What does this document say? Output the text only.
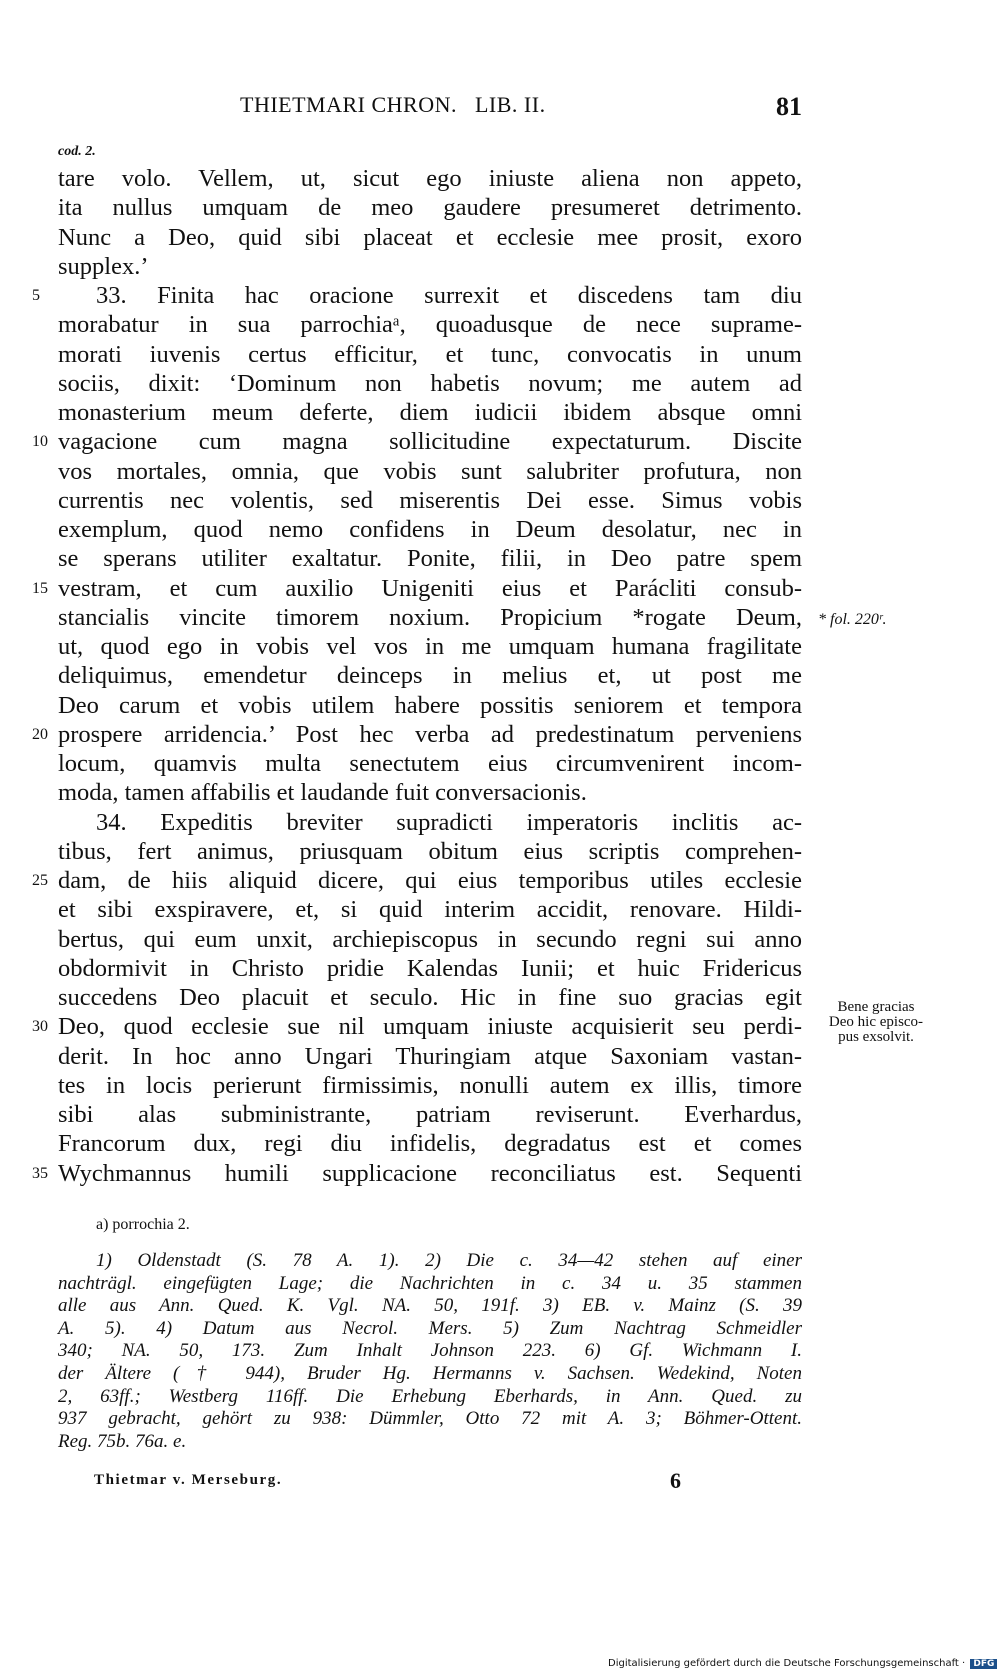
THIETMARI CHRON.   LIB. II.	81
cod. 2.
tare volo. Vellem, ut, sicut ego iniuste aliena non appeto,
ita nullus umquam de meo gaudere presumeret detrimento.
Nunc a Deo, quid sibi placeat et ecclesie mee prosit, exoro
supplex.’
5	33. Finita hac oracione surrexit et discedens tam diu
morabatur in sua parrochiaᵃ, quoadusque de nece suprame-
morati iuvenis certus efficitur, et tunc, convocatis in unum
sociis, dixit: ‘Dominum non habetis novum; me autem ad
monasterium meum deferte, diem iudicii ibidem absque omni
10 vagacione cum magna sollicitudine expectaturum. Discite
vos mortales, omnia, que vobis sunt salubriter profutura, non
currentis nec volentis, sed miserentis Dei esse. Simus vobis
exemplum, quod nemo confidens in Deum desolatur, nec in
se sperans utiliter exaltatur. Ponite, filii, in Deo patre spem
15 vestram, et cum auxilio Unigeniti eius et Parácliti consub-
stancialis vincite timorem noxium. Propicium *rogate Deum,
ut, quod ego in vobis vel vos in me umquam humana fragilitate
deliquimus, emendetur deinceps in melius et, ut post me
Deo carum et vobis utilem habere possitis seniorem et tempora
20 prospere arridencia.’ Post hec verba ad predestinatum perveniens
locum, quamvis multa senectutem eius circumvenirent incom-
moda, tamen affabilis et laudande fuit conversacionis.
34. Expeditis breviter supradicti imperatoris inclitis ac-
tibus, fert animus, priusquam obitum eius scriptis comprehen-
25 dam, de hiis aliquid dicere, qui eius temporibus utiles ecclesie
et sibi exspiravere, et, si quid interim accidit, renovare. Hildi-
bertus, qui eum unxit, archiepiscopus in secundo regni sui anno
obdormivit in Christo pridie Kalendas Iunii; et huic Fridericus
succedens Deo placuit et seculo. Hic in fine suo gracias egit
30 Deo, quod ecclesie sue nil umquam iniuste acquisierit seu perdi-
derit. In hoc anno Ungari Thuringiam atque Saxoniam vastan-
tes in locis perierunt firmissimis, nonulli autem ex illis, timore
sibi alas subministrante, patriam reviserunt. Everhardus,
Francorum dux, regi diu infidelis, degradatus est et comes
35 Wychmannus humili supplicacione reconciliatus est. Sequenti
* fol. 220ʳ.
Bene gracias
Deo hic episco-
pus exsolvit.
a) porrochia 2.
1) Oldenstadt (S. 78 A. 1). 2) Die c. 34—42 stehen auf einer
nachträgl. eingefügten Lage; die Nachrichten in c. 34 u. 35 stammen
alle aus Ann. Qued. K. Vgl. NA. 50, 191f. 3) EB. v. Mainz (S. 39
A. 5). 4) Datum aus Necrol. Mers. 5) Zum Nachtrag Schmeidler
340; NA. 50, 173. Zum Inhalt Johnson 223. 6) Gf. Wichmann I.
der Ältere († 944), Bruder Hg. Hermanns v. Sachsen. Wedekind, Noten
2, 63ff.; Westberg 116ff. Die Erhebung Eberhards, in Ann. Qued. zu
937 gebracht, gehört zu 938: Dümmler, Otto 72 mit A. 3; Böhmer-Ottent.
Reg. 75b. 76a. e.
Thietmar v. Merseburg.	6
Digitalisierung gefördert durch die Deutsche Forschungsgemeinschaft · DFG
